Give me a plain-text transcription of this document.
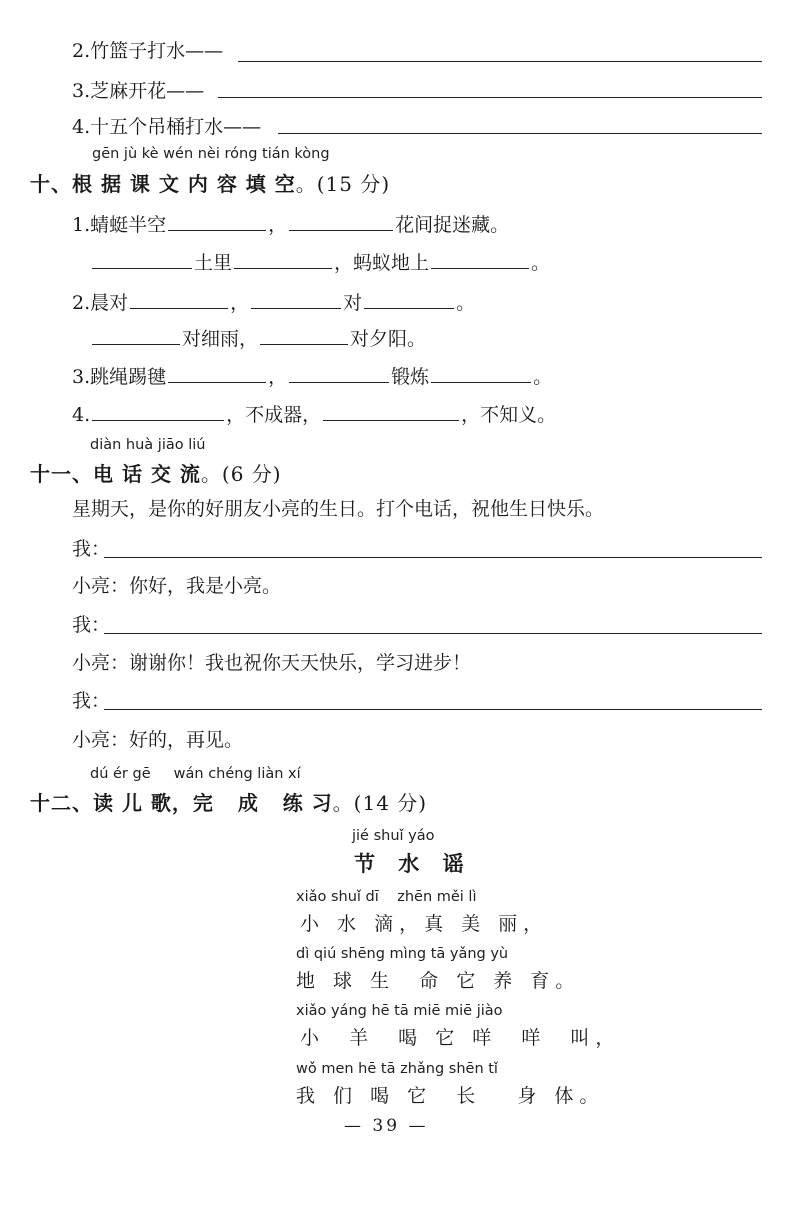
2.竹篮子打水——
3.芝麻开花——
4.十五个吊桶打水——
gēn jù kè wén nèi róng tián kòng
十、根 据 课 文 内 容 填 空。(15 分)
1.蜻蜓半空	，	花间捉迷藏。
土里	，蚂蚁地上	。
2.晨对	，	对	。
对细雨，	对夕阳。
3.跳绳踢毽	，	锻炼	。
4.	，不成器，	，不知义。
diàn huà jiāo liú
十一、电 话 交 流。(6 分)
星期天，是你的好朋友小亮的生日。打个电话，祝他生日快乐。
我：
小亮：你好，我是小亮。
我：
小亮：谢谢你！我也祝你天天快乐，学习进步！
我：
小亮：好的，再见。
dú ér gē     wán chéng liàn xí
十二、读 儿 歌，完   成   练 习。(14 分)
jié shuǐ yáo
节 水 谣
xiǎo shuǐ dī    zhēn měi lì
小 水 滴，真 美 丽，
dì qiú shēng mìng tā yǎng yù
地 球 生  命 它 养 育。
xiǎo yáng hē tā miē miē jiào
小  羊  喝 它 咩  咩  叫，
wǒ men hē tā zhǎng shēn tǐ
我 们 喝 它  长   身 体。
— 39 —
